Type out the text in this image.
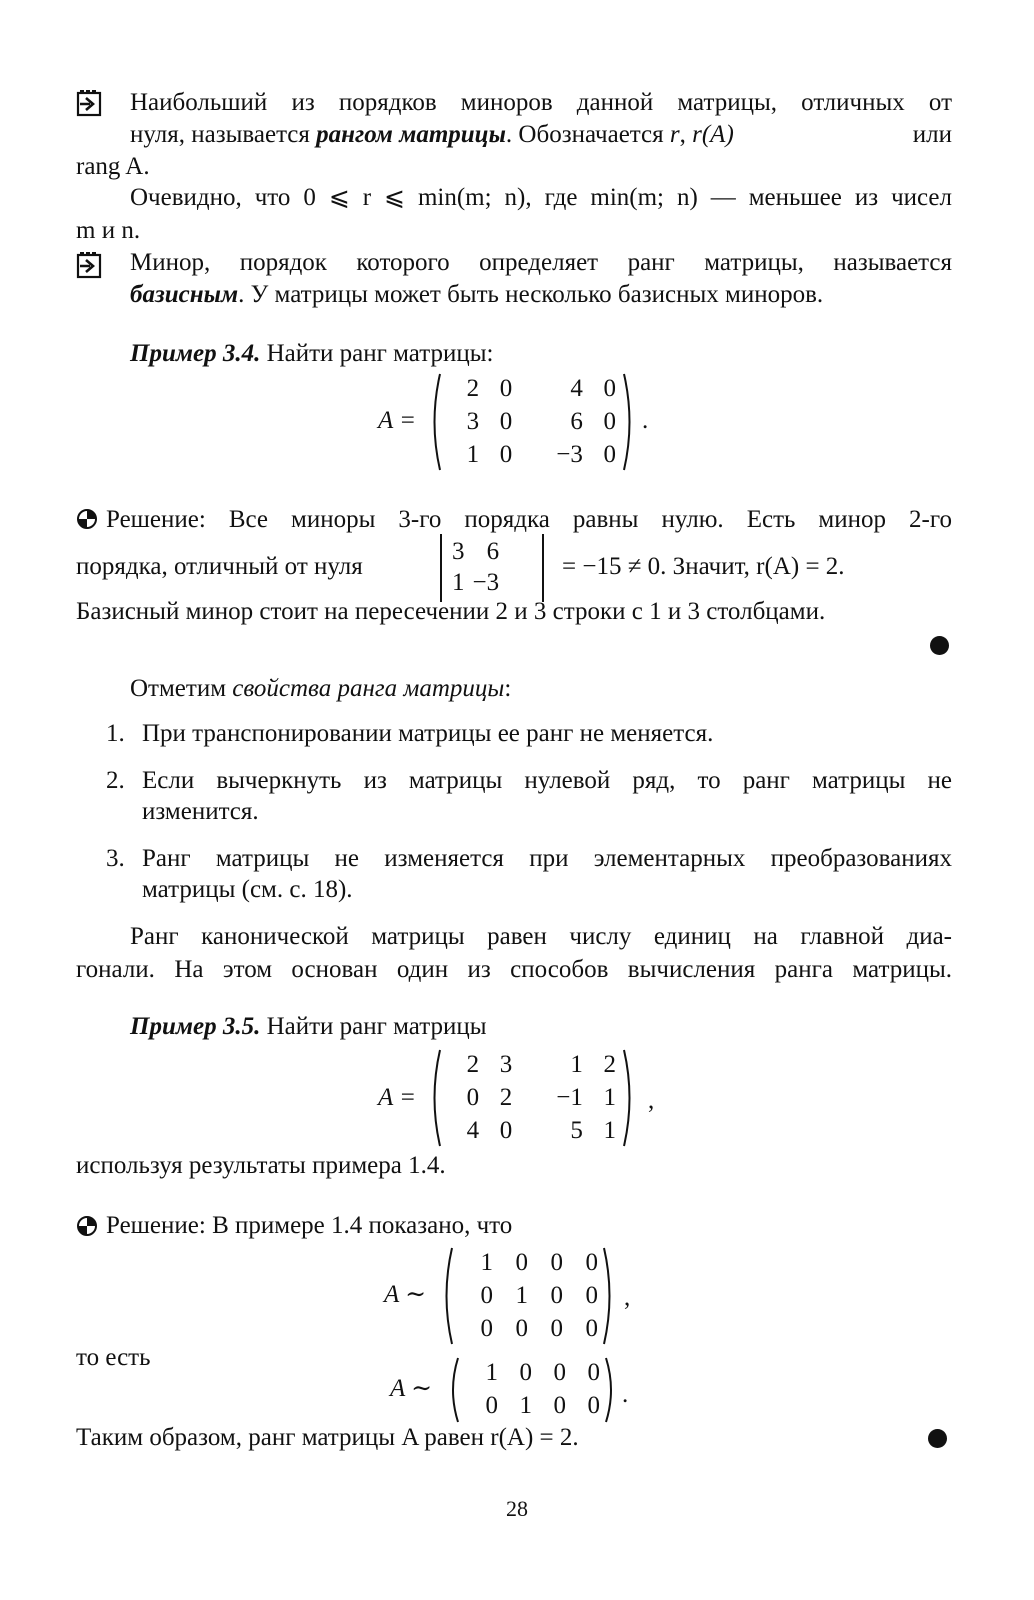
Наибольший из порядков миноров данной матрицы, отличных от
нуля, называется рангом матрицы. Обозначается r, r(A)	или
rang A.
Очевидно, что 0 ⩽ r ⩽ min(m; n), где min(m; n) — меньшее из чисел
m и n.
Минор, порядок которого определяет ранг матрицы, называется
базисным. У матрицы может быть несколько базисных миноров.
Пример 3.4. Найти ранг матрицы:
A =
2	0	4	0
3	0	6	0
1	0	−3	0
.
Решение: Все миноры 3-го порядка равны нулю. Есть минор 2-го
порядка, отличный от нуля
3	6
1	−3
= −15 ≠ 0. Значит, r(A) = 2.
Базисный минор стоит на пересечении 2 и 3 строки с 1 и 3 столбцами.
Отметим свойства ранга матрицы:
1. При транспонировании матрицы ее ранг не меняется.
2. Если вычеркнуть из матрицы нулевой ряд, то ранг матрицы не
изменится.
3. Ранг матрицы не изменяется при элементарных преобразованиях
матрицы (см. с. 18).
Ранг канонической матрицы равен числу единиц на главной диа-
гонали. На этом основан один из способов вычисления ранга матрицы.
Пример 3.5. Найти ранг матрицы
A =
2	3	1	2
0	2	−1	1
4	0	5	1
,
используя результаты примера 1.4.
Решение: В примере 1.4 показано, что
A ∼
1	0	0	0
0	1	0	0
0	0	0	0
,
то есть
A ∼
1	0	0	0
0	1	0	0 .
Таким образом, ранг матрицы A равен r(A) = 2.
28
